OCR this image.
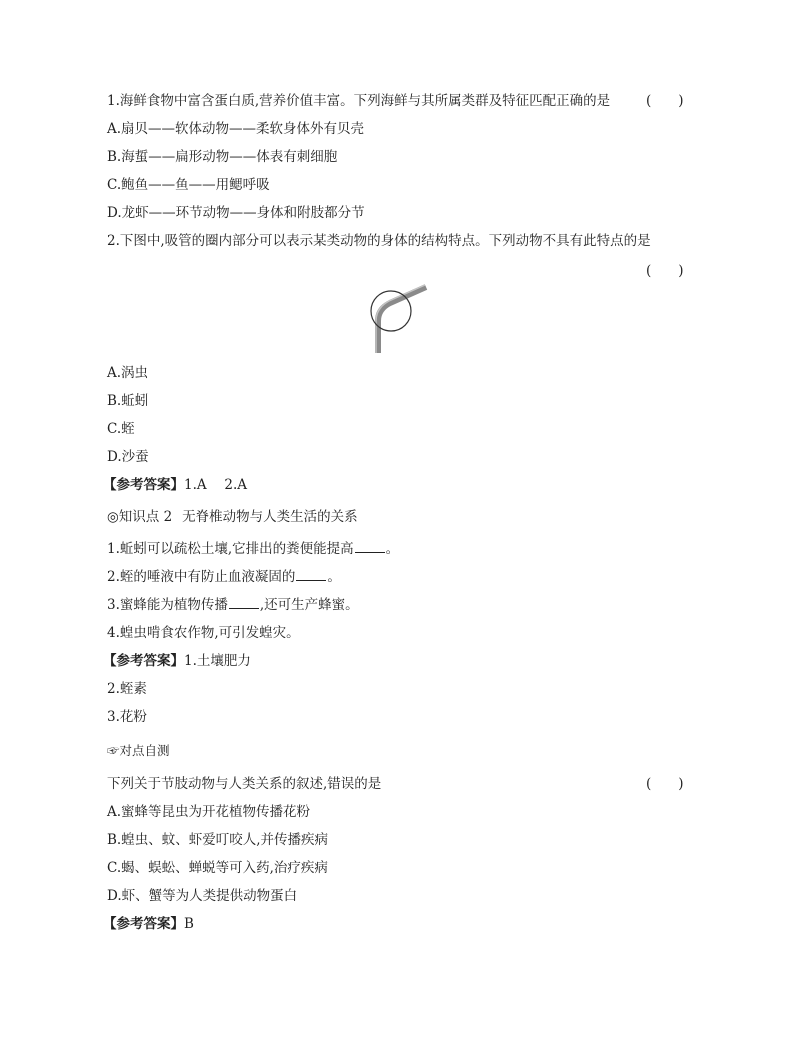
1.海鲜食物中富含蛋白质,营养价值丰富。下列海鲜与其所属类群及特征匹配正确的是	(　　)
A.扇贝——软体动物——柔软身体外有贝壳
B.海蜇——扁形动物——体表有刺细胞
C.鲍鱼——鱼——用鳃呼吸
D.龙虾——环节动物——身体和附肢都分节
2.下图中,吸管的圈内部分可以表示某类动物的身体的结构特点。下列动物不具有此特点的是
(　　)
A.涡虫
B.蚯蚓
C.蛭
D.沙蚕
【参考答案】1.A　 2.A
◎知识点 2 无脊椎动物与人类生活的关系
1.蚯蚓可以疏松土壤,它排出的粪便能提高 。
2.蛭的唾液中有防止血液凝固的 。
3.蜜蜂能为植物传播 ,还可生产蜂蜜。
4.蝗虫啃食农作物,可引发蝗灾。
【参考答案】1.土壤肥力
2.蛭素
3.花粉
☞对点自测
下列关于节肢动物与人类关系的叙述,错误的是	(　　)
A.蜜蜂等昆虫为开花植物传播花粉
B.蝗虫、蚊、虾爱叮咬人,并传播疾病
C.蝎、蜈蚣、蝉蜕等可入药,治疗疾病
D.虾、蟹等为人类提供动物蛋白
【参考答案】B
